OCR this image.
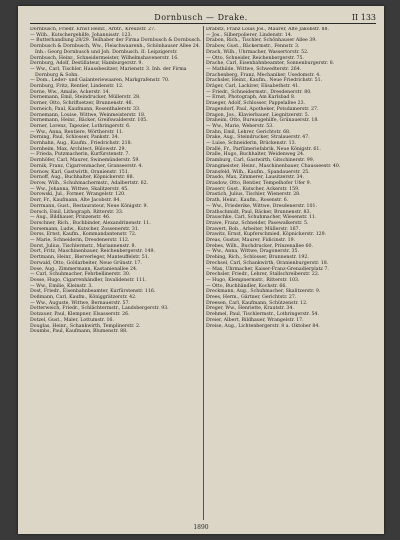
Dornbusch — Drake.	II 133

Dornbusch, Friedr. Ernst Heinr., Arbtr., Kreuzstr. 27.

— Wilh., Kutschergehilfe, Johannisstr. 123.

— Butterhandlung 28/29. Teilhaber der Firma Dornbusch & Dornbusch.

Dornbusch & Dornbusch, Ww., Fleischwaarenh., Schönhauser Allee 24. Inh.: Georg Dornbusch und Joh. Dornbusch. II. Leipzigerstr.

Dornbusch, Heinr., Schneidermeister, Wilhelmshavenerstr. 16.

Dornburg, Adolf, Destillateur, Hamburgerstr. 9.

— Ww., Carl, Tischler, Haussbesitzer, Marienstr. 3. Inh. der Firma Dornburg & Sohn.

— Dom., Leder- und Galanteriewaaren, Markgrafenstr. 70.

Dornburg, Fritz, Rentier, Lindenstr. 12.

Dorne, Ww., Amalie, Ackerstr. 14.

Dornemann, Emil, Steindrucker, Müllerstr. 28.

Dorner, Otto, Schriftsetzer, Brunnenstr. 46.

Dorneich, Paul, Kaufmann, Rosenthalerstr. 33.

Dornemann, Louise, Wittwe, Weinmeisterstr. 18.

Dornemann, Heinr., Bäcker, Greifswalderstr. 105.

Dorner, Lorenz, Tapezier, Lothringerstr. 6.

— Ww., Anna, Rentiere, Wörtherstr. 11.

Dorning, Paul, Schlosser, Pankstr. 34.

Dornhahn, Aug., Kaufm., Friedrichstr. 218.

Dornheim, Max, Architect, Bülowstr. 29.

— Frieda, Putzmacherin, Kurfürstenstr. 7.

Dornhöfer, Carl, Maurer, Swinemünderstr. 59.

Dornik, Franz, Cigarrenmacher, Granseerstr. 4.

Dornow, Karl, Gastwirth, Oranienstr. 151.

Dornoff, Aug., Buchhalter, Köpnickerstr. 88.

Dorow, Wilh., Schuhmachermstr., Adalbertstr. 62.

— Ww., Johanna, Wittwe, Skalitzerstr. 45.

Dorowski, Jul., Former, Wrangelstr. 120.

Dorr, Fr., Kaufmann, Alte Jacobstr. 84.

Dorrmann, Gust., Restaurateur, Neue Königstr. 9.

Dorsch, Emil, Lithograph, Ritterstr. 33.

— Aug., Bildhauer, Prinzenstr. 46.

Dorschner, Rich., Buchbinder, Alexandrinenstr. 11.

Dorsemann, Ludw., Kutscher, Zossenerstr. 31.

Dorss, Ernst, Kaufm., Kommandantenstr. 72.

— Marie, Schneiderin, Dresdenerstr. 112.

Dorst, Julius, Tischlermstr., Mariannenstr. 8.

Dort, Fritz, Maschinenbauer, Reichenbergerstr. 149.

Dortmann, Heinr., Bierverleger, Manteuffelstr. 51.

Dorwald, Otto, Goldarbeiter, Neue Grünstr. 17.

Dose, Aug., Zimmermann, Kastanienallee 24.

— Carl, Schuhmacher, Fehrbellinerstr. 30.

Dosse, Hugo, Cigarrenhändler, Invalidenstr. 111.

— Ww., Emilie, Kleinstr. 3.

Dost, Friedr., Eisenbahnbeamter, Kurfürstenstr. 116.

Doßmann, Carl, Kaufm., Königgrätzerstr. 42.

— Ww., Auguste, Wittwe, Bernauerstr. 57.

Dotterweich, Friedr., Schlächtermstr., Landsbergerstr. 93.

Dotzauer, Paul, Klempner, Elsasserstr. 26.

Dotzel, Gust., Maler, Lottumstr. 16.

Douglas, Heinr., Schankwirth, Templinerstr. 2.

Doumbs, Paul, Kaufmann, Blumenstr. 88.

Drabitz, Franz Louis Jos., Maurer, Alte Jakobstr. 88.

— Jos., Silberpolierer, Lindenstr. 14.

Drabon, Rich., Tischler, Schönhauser Allee 39.

Drabow, Gust., Bäckermstr., Fennstr. 3.

Drach, Wilh., Uhrmacher, Wassertorstr. 52.

— Otto, Schneider, Reichenbergerstr. 75.

Drache, Carl, Eisenbahnbeamter, Sonnenburgerstr. 8.

— Mathilde, Wittwe, Schwedterstr. 264.

Drachenberg, Franz, Mechaniker, Usedomstr. 4.

Drachsler, Heinr., Kaufm., Neue Friedrichstr. 51.

Dräger, Carl, Lackirer, Elisabethstr. 41.

— Friedr., Schneidermstr., Dresdenerstr. 80.

— Ernst, Photograph, Am Karlsbad 8.

Draeger, Adolf, Schlosser, Pappelallee 23.

Dragendorf, Paul, Apotheker, Potsdamerstr. 27.

Dragon, Jos., Klavierbauer, Liegnitzerstr. 5.

Draheim, Otto, Bureaugehilfe, Grünauerstr. 18.

— Ww., Marie, Weberstr. 53.

Drahn, Emil, Lehrer, Gerichtstr. 68.

Drake, Aug., Steindrucker, Stralauerstr. 47.

— Luise, Schneiderin, Brückenstr. 13.

Drallé, Fr., Parfümeriefabrik, Neue Königstr. 61.

Dralle, Hugo, Buchhalter, Weidenweg 24.

Dramburg, Carl, Gastwirth, Gitschinerstr. 99.

Drangmeister, Heinr., Maschinenbauer, Chausseestr. 40.

Dransfeld, Wilh., Kaufm., Spandauerstr. 25.

Drasdo, Max, Zimmerer, Lausitzerstr. 34.

Drasdow, Otto, Rentier, Tempelhofer Ufer 9.

Draserr, Gust., Kutscher, Ackerstr. 159.

Drastich, Julius, Tischler, Wienerstr. 28.

Drath, Heinr., Kaufm., Rosenstr. 6.

— Ww., Friederike, Wittwe, Dresdenerstr. 101.

Drathschmidt, Paul, Bäcker, Brunnenstr. 83.

Drauschke, Carl, Schuhmacher, Wiesenstr. 11.

Drawe, Franz, Schneider, Pasewalkerstr. 5.

Drawert, Rob., Arbeiter, Müllerstr. 167.

Drawitz, Ernst, Kupferschmied, Köpnickerstr. 129.

Dreas, Gustav, Maurer, Fidicinstr. 19.

Drebes, Wilh., Buchdrucker, Prinzenallee 60.

— Ww., Anna, Wittwe, Dragonerstr. 35.

Drebing, Rich., Schlosser, Brunnenstr. 192.

Drechsel, Carl, Schankwirth, Oranienburgerstr. 18.

— Max, Uhrmacher, Kaiser-Franz-Grenadierplatz 7.

Drechsler, Friedr., Lehrer, Stallschreiberstr. 22.

— Hugo, Klempnermstr., Ritterstr. 103.

— Otto, Buchhändler, Kochstr. 66.

Dreckmann, Aug., Schuhmacher, Skalitzerstr. 9.

Drees, Herm., Gärtner, Gerichtstr. 27.

Dreesen, Carl, Kaufmann, Schützenstr. 12.

Dreger, Ww., Henriette, Krautstr. 34.

Drehmel, Paul, Tischlermstr., Lothringerstr. 54.

Dreier, Albert, Bildhauer, Wrangelstr. 17.

Dreise, Aug., Lichtenbergerstr. 8 a. Oktober 84.

1890
